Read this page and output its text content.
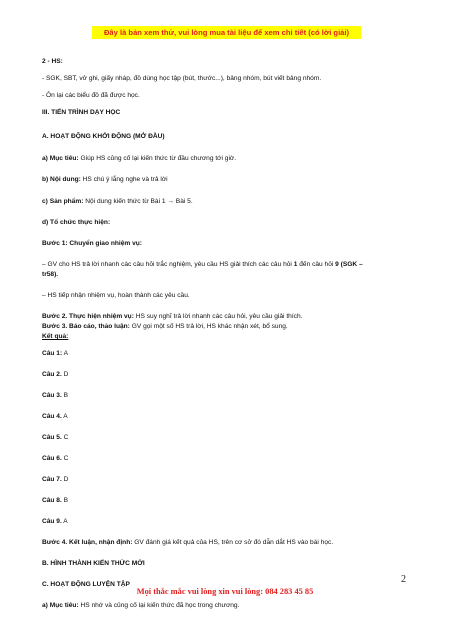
Đây là bản xem thử, vui lòng mua tài liệu để xem chi tiết (có lời giải)

2 - HS:

- SGK, SBT, vở ghi, giấy nháp, đồ dùng học tập (bút, thước...), bảng nhóm, bút viết bảng nhóm.

- Ôn lại các biểu đồ đã được học.

III. TIẾN TRÌNH DẠY HỌC

A. HOẠT ĐỘNG KHỞI ĐỘNG (MỞ ĐẦU)

a) Mục tiêu: Giúp HS củng cố lại kiến thức từ đầu chương tới giờ.

b) Nội dung: HS chú ý lắng nghe và trả lời

c) Sản phẩm: Nội dung kiến thức từ Bài 1 → Bài 5.

d) Tổ chức thực hiện:

Bước 1: Chuyển giao nhiệm vụ:

– GV cho HS trả lời nhanh các câu hỏi trắc nghiệm, yêu cầu HS giải thích các câu hỏi 1 đến câu hỏi 9 (SGK –

tr58).

– HS tiếp nhận nhiệm vụ, hoàn thành các yêu cầu.

Bước 2. Thực hiện nhiệm vụ: HS suy nghĩ trả lời nhanh các câu hỏi, yêu cầu giải thích.

Bước 3. Báo cáo, thảo luận: GV gọi một số HS trả lời, HS khác nhận xét, bổ sung.

Kết quả:

Câu 1: A

Câu 2. D

Câu 3. B

Câu 4. A

Câu 5. C

Câu 6. C

Câu 7. D

Câu 8. B

Câu 9. A

Bước 4. Kết luận, nhận định: GV đánh giá kết quả của HS, trên cơ sở đó dẫn dắt HS vào bài học.

B. HÌNH THÀNH KIẾN THỨC MỚI

C. HOẠT ĐỘNG LUYỆN TẬP

a) Mục tiêu: HS nhớ và củng cố lại kiến thức đã học trong chương.

2
Mọi thắc mắc vui lòng xin vui lòng: 084 283 45 85
